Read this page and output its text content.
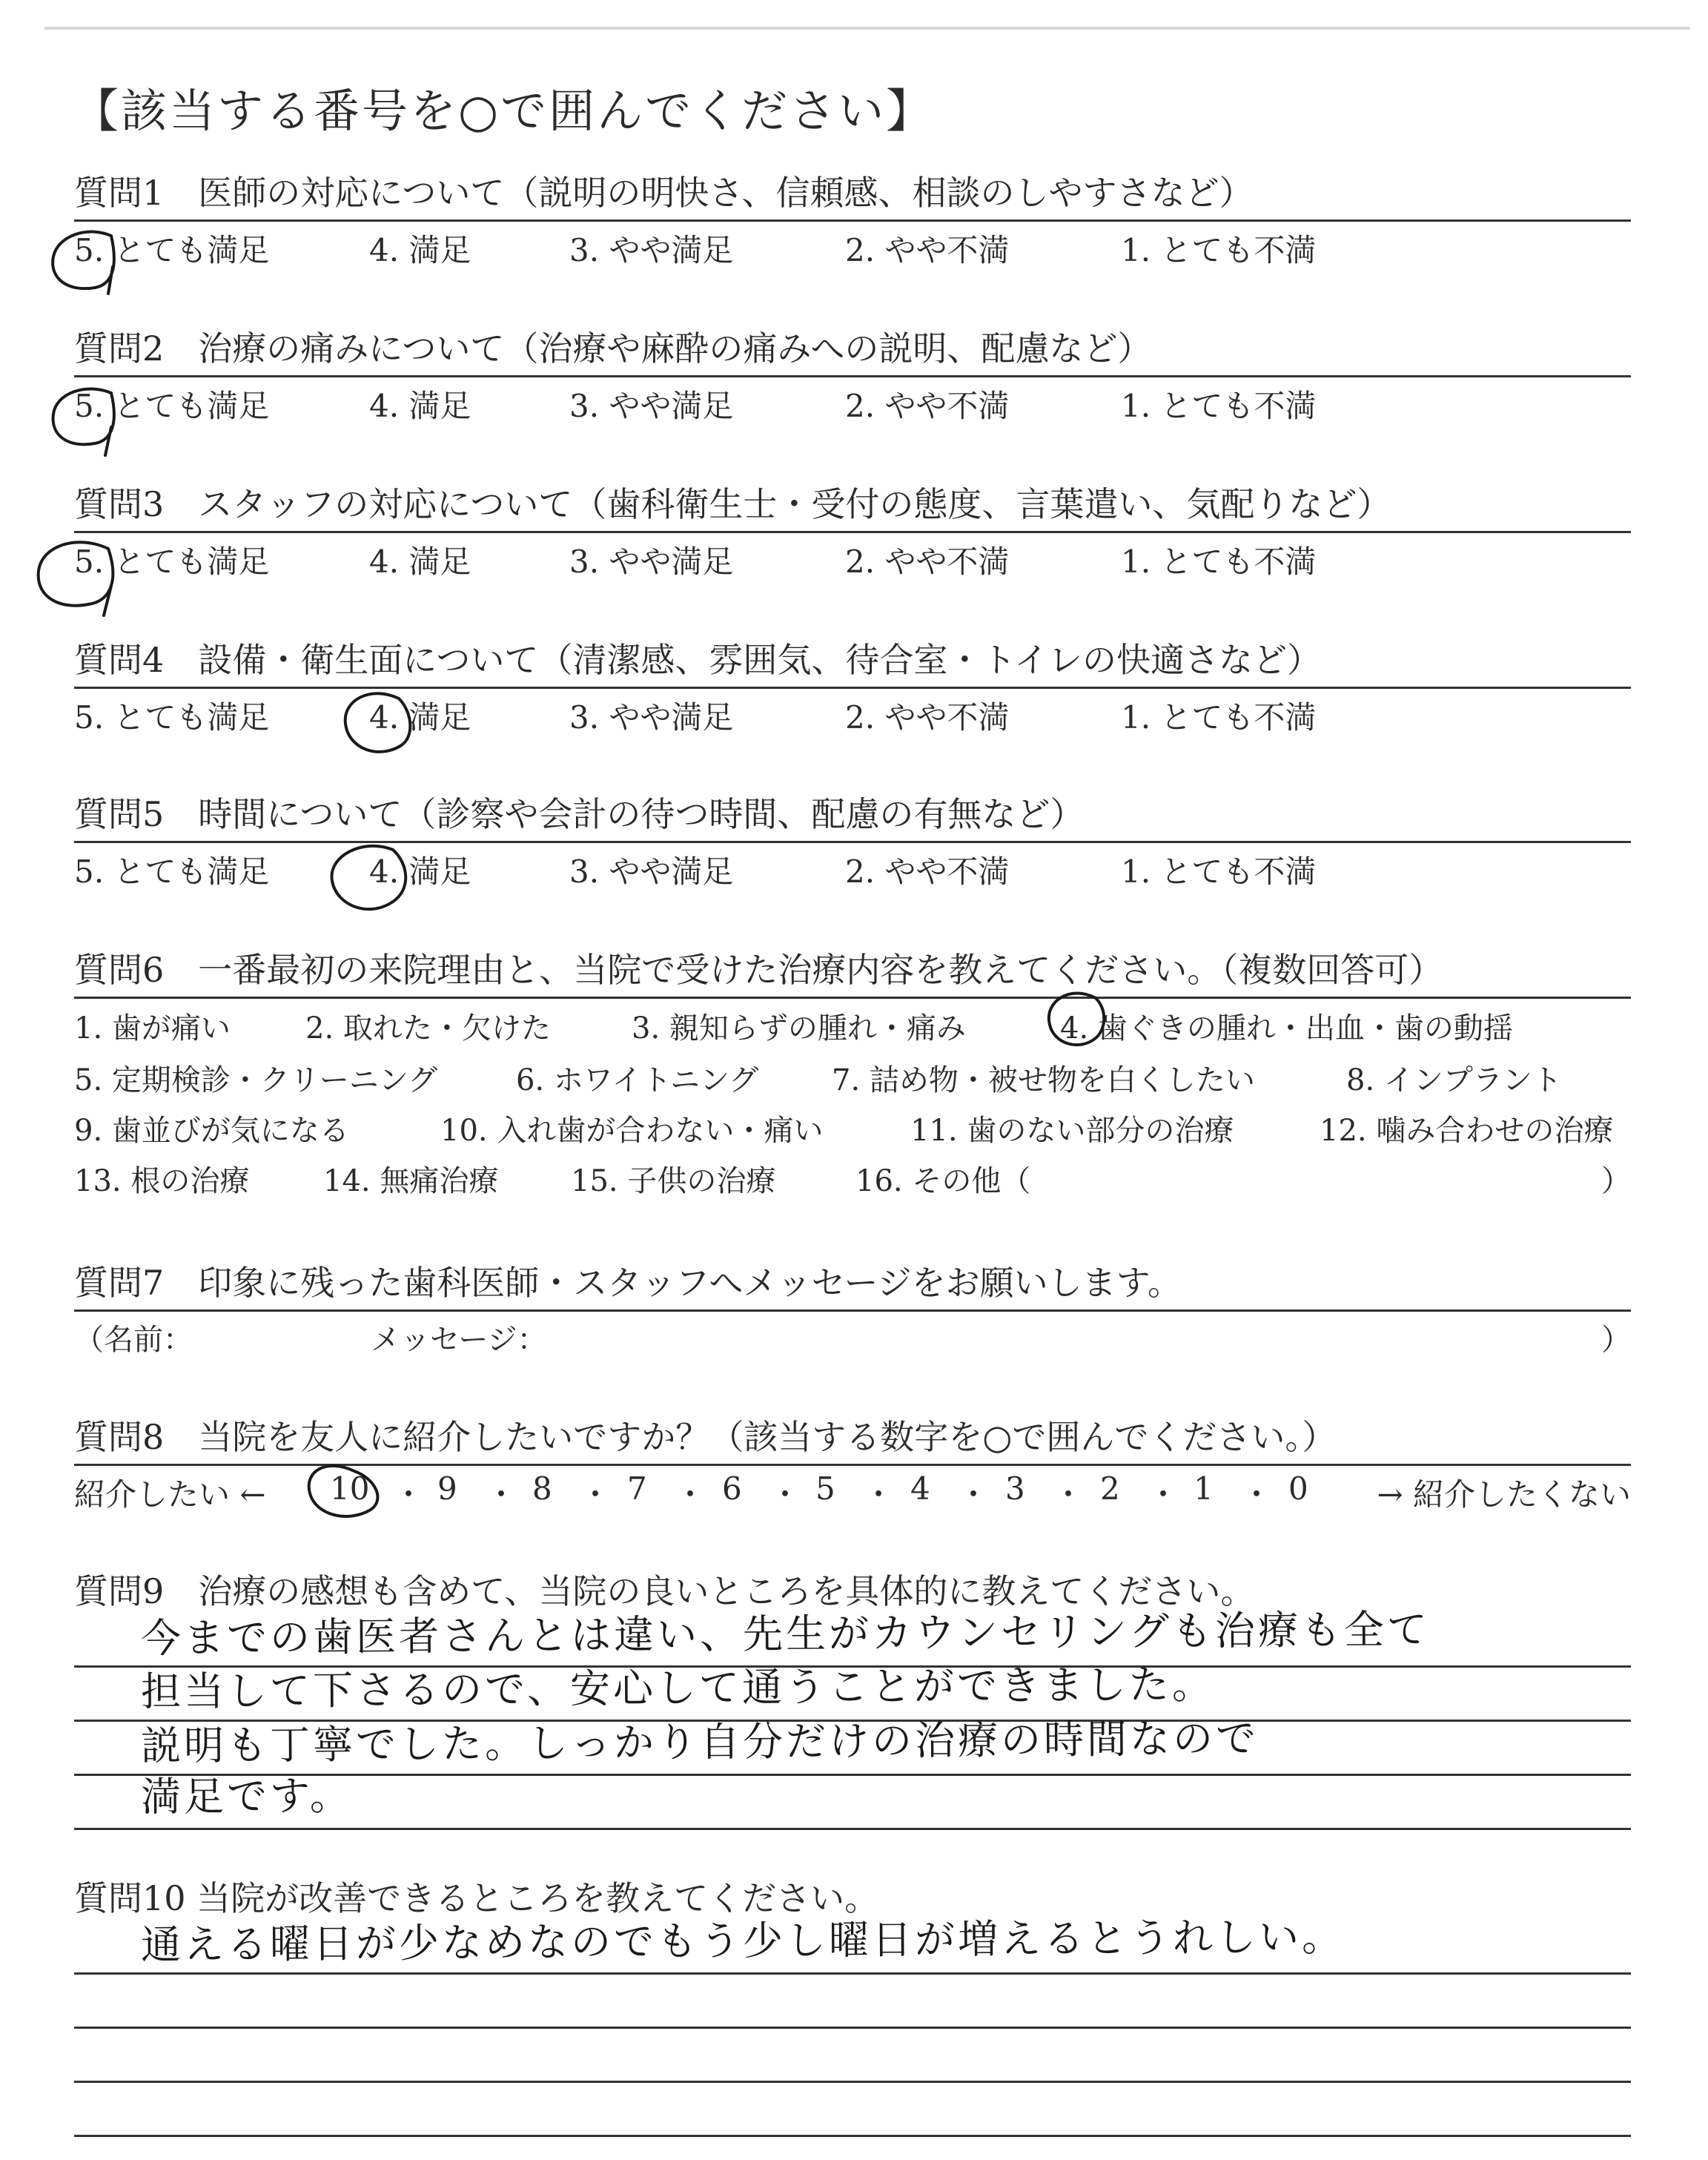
【該当する番号を○で囲んでください】
質問1　医師の対応について（説明の明快さ、信頼感、相談のしやすさなど）
5. とても満足	4. 満足	3. やや満足	2. やや不満	1. とても不満
質問2　治療の痛みについて（治療や麻酔の痛みへの説明、配慮など）
5. とても満足	4. 満足	3. やや満足	2. やや不満	1. とても不満
質問3　スタッフの対応について（歯科衛生士・受付の態度、言葉遣い、気配りなど）
5. とても満足	4. 満足	3. やや満足	2. やや不満	1. とても不満
質問4　設備・衛生面について（清潔感、雰囲気、待合室・トイレの快適さなど）
5. とても満足	4. 満足	3. やや満足	2. やや不満	1. とても不満
質問5　時間について（診察や会計の待つ時間、配慮の有無など）
5. とても満足	4. 満足	3. やや満足	2. やや不満	1. とても不満
質問6　一番最初の来院理由と、当院で受けた治療内容を教えてください。（複数回答可）
1. 歯が痛い	2. 取れた・欠けた	3. 親知らずの腫れ・痛み	4. 歯ぐきの腫れ・出血・歯の動揺
5. 定期検診・クリーニング	6. ホワイトニング 7. 詰め物・被せ物を白くしたい	8. インプラント
9. 歯並びが気になる	10. 入れ歯が合わない・痛い	11. 歯のない部分の治療	12. 噛み合わせの治療
13. 根の治療 14. 無痛治療 15. 子供の治療	16. その他（	）
質問7　印象に残った歯科医師・スタッフへメッセージをお願いします。
（名前：	メッセージ：	）
質問8　当院を友人に紹介したいですか？（該当する数字を○で囲んでください。）
紹介したい ← 10 ・ 9 ・ 8 ・ 7 ・ 6 ・ 5 ・ 4 ・ 3 ・ 2 ・ 1 ・ 0 → 紹介したくない
質問9　治療の感想も含めて、当院の良いところを具体的に教えてください。
今までの歯医者さんとは違い、先生がカウンセリングも治療も全て
担当して下さるので、安心して通うことができました。
説明も丁寧でした。しっかり自分だけの治療の時間なので
満足です。
質問10 当院が改善できるところを教えてください。
通える曜日が少なめなのでもう少し曜日が増えるとうれしい。
